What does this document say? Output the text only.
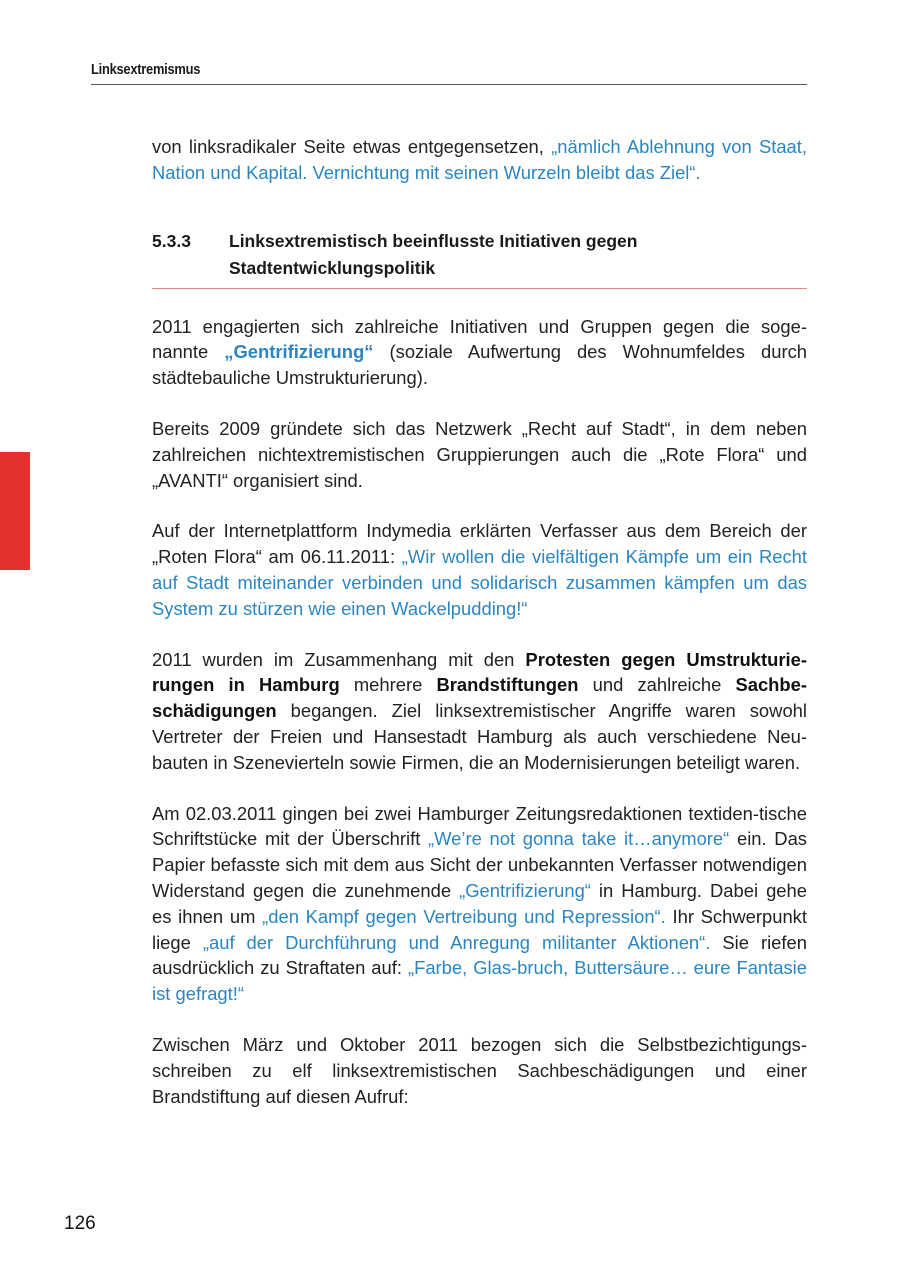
Linksextremismus

von linksradikaler Seite etwas entgegensetzen, „nämlich Ablehnung von Staat, Nation und Kapital. Vernichtung mit seinen Wurzeln bleibt das Ziel“.

5.3.3	Linksextremistisch beeinflusste Initiativen gegen Stadtentwicklungspolitik

2011 engagierten sich zahlreiche Initiativen und Gruppen gegen die soge-nannte „Gentrifizierung“ (soziale Aufwertung des Wohnumfeldes durch städtebauliche Umstrukturierung).

Bereits 2009 gründete sich das Netzwerk „Recht auf Stadt“, in dem neben zahlreichen nichtextremistischen Gruppierungen auch die „Rote Flora“ und „AVANTI“ organisiert sind.

Auf der Internetplattform Indymedia erklärten Verfasser aus dem Bereich der „Roten Flora“ am 06.11.2011: „Wir wollen die vielfältigen Kämpfe um ein Recht auf Stadt miteinander verbinden und solidarisch zusammen kämpfen um das System zu stürzen wie einen Wackelpudding!“

2011 wurden im Zusammenhang mit den Protesten gegen Umstrukturie-rungen in Hamburg mehrere Brandstiftungen und zahlreiche Sachbe-schädigungen begangen. Ziel linksextremistischer Angriffe waren sowohl Vertreter der Freien und Hansestadt Hamburg als auch verschiedene Neu-bauten in Szenevierteln sowie Firmen, die an Modernisierungen beteiligt waren.

Am 02.03.2011 gingen bei zwei Hamburger Zeitungsredaktionen textiden-tische Schriftstücke mit der Überschrift „We’re not gonna take it…anymore“ ein. Das Papier befasste sich mit dem aus Sicht der unbekannten Verfasser notwendigen Widerstand gegen die zunehmende „Gentrifizierung“ in Hamburg. Dabei gehe es ihnen um „den Kampf gegen Vertreibung und Repression“. Ihr Schwerpunkt liege „auf der Durchführung und Anregung militanter Aktionen“. Sie riefen ausdrücklich zu Straftaten auf: „Farbe, Glas-bruch, Buttersäure… eure Fantasie ist gefragt!“

Zwischen März und Oktober 2011 bezogen sich die Selbstbezichtigungs-schreiben zu elf linksextremistischen Sachbeschädigungen und einer Brandstiftung auf diesen Aufruf:

126
